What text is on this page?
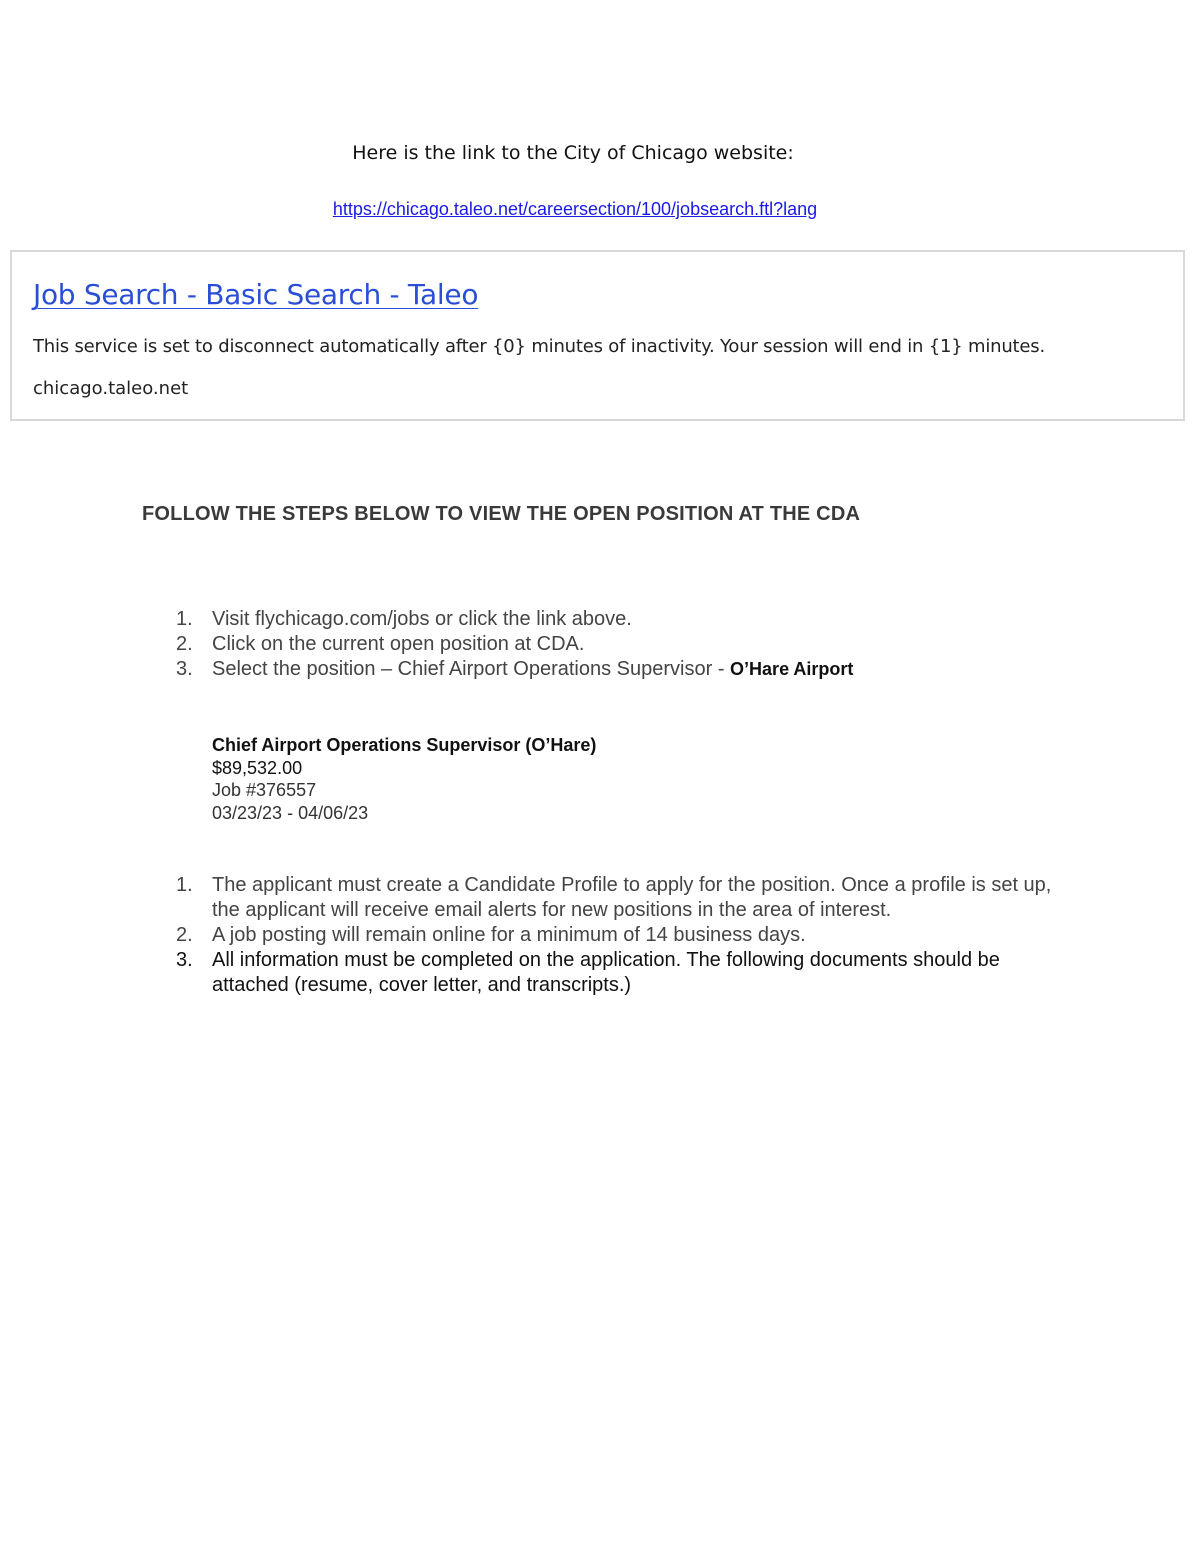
Here is the link to the City of Chicago website:
https://chicago.taleo.net/careersection/100/jobsearch.ftl?lang
Job Search - Basic Search - Taleo
This service is set to disconnect automatically after {0} minutes of inactivity. Your session will end in {1} minutes.
chicago.taleo.net
FOLLOW THE STEPS BELOW TO VIEW THE OPEN POSITION AT THE CDA
1. Visit flychicago.com/jobs or click the link above.
2. Click on the current open position at CDA.
3. Select the position – Chief Airport Operations Supervisor - O’Hare Airport
Chief Airport Operations Supervisor (O’Hare)
$89,532.00
Job #376557
03/23/23 - 04/06/23
1. The applicant must create a Candidate Profile to apply for the position. Once a profile is set up, the applicant will receive email alerts for new positions in the area of interest.
2. A job posting will remain online for a minimum of 14 business days.
3. All information must be completed on the application. The following documents should be attached (resume, cover letter, and transcripts.)
